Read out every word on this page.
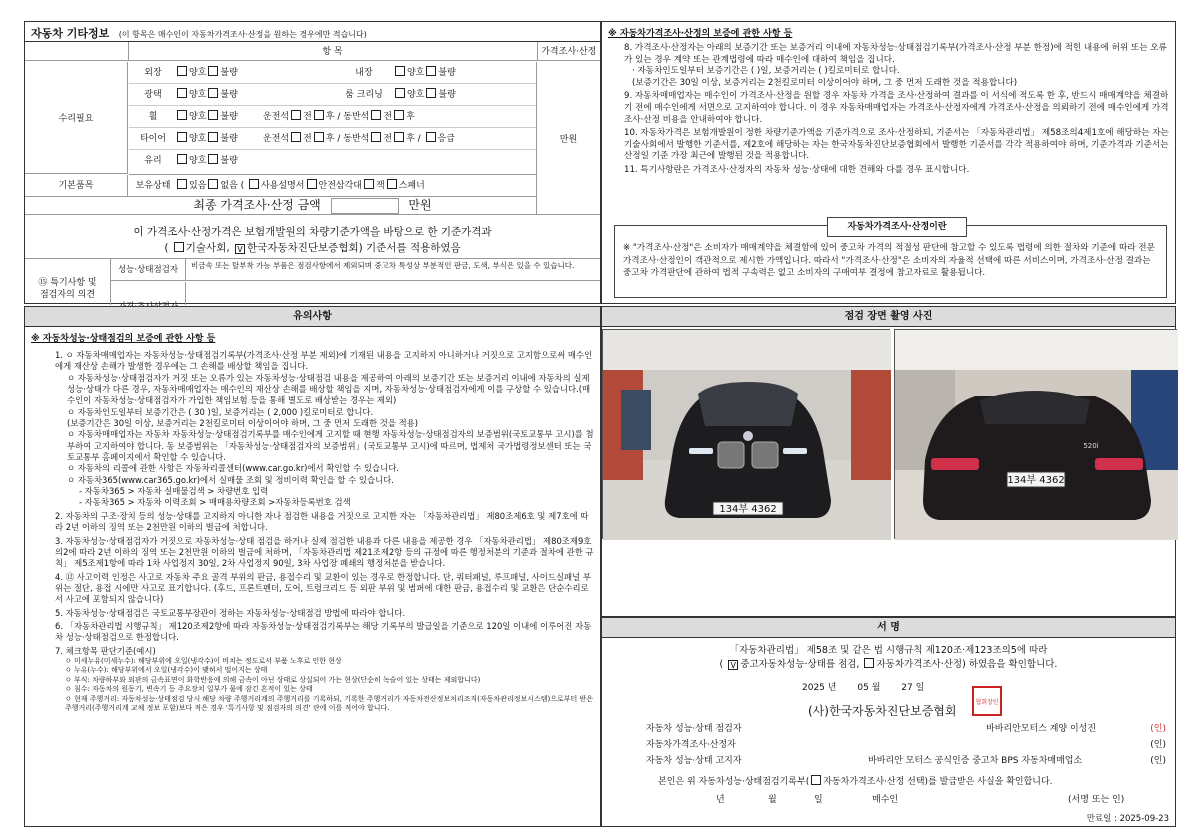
자동차 기타정보 (이 항목은 매수인이 자동차가격조사·산정을 원하는 경우에만 적습니다)
	항 목	가격조사·산정
수리필요
만원
외장	양호 불량	내장	양호 불량
광택	양호 불량	룸 크리닝	양호 불량
휠	양호 불량	운전석 전 후 / 동반석 전 후
타이어	양호 불량	운전석 전 후 / 동반석 전 후 / 응급
유리	양호 불량
기본품목	보유상태	있음 없음 ( 사용설명서 안전삼각대 잭 스패너
최종 가격조사·산정 금액	만원
이 가격조사·산정가격은 보험개발원의 차량기준가액을 바탕으로 한 기준가격과
( 기술사회, V 한국자동차진단보증협회) 기준서를 적용하였음
⑮ 특기사항 및
점검자의 의견
성능·상태점검자	비금속 또는 탈부착 가능 부품은 점검사항에서 제외되며 중고차 특성상 부분적인 판금, 도색, 부식은 있을 수 있습니다.
※ 자동차가격조사·산정의 보증에 관한 사항 등

8. 가격조사·산정자는 아래의 보증기간 또는 보증거리 이내에 자동차성능·상태점검기록부(가격조사·산정 부분 한정)에 적힌 내용에 허위 또는 오류가 있는 경우 계약 또는 관계법령에 따라 매수인에 대하여 책임을 집니다.

· 자동차인도일부터 보증기간은 ( )일, 보증거리는 ( )킬로미터로 합니다.

(보증기간은 30일 이상, 보증거리는 2천킬로미터 이상이어야 하며, 그 중 먼저 도래한 것을 적용합니다)

9. 자동차매매업자는 매수인이 가격조사·산정을 원할 경우 자동차 가격을 조사·산정하여 결과를 이 서식에 적도록 한 후, 반드시 매매계약을 체결하기 전에 매수인에게 서면으로 고지하여야 합니다. 이 경우 자동차매매업자는 가격조사·산정자에게 가격조사·산정을 의뢰하기 전에 매수인에게 가격조사·산정 비용을 안내하여야 합니다.

10. 자동차가격은 보험개발원이 정한 차량기준가액을 기준가격으로 조사·산정하되, 기준서는 「자동차관리법」 제58조의4제1호에 해당하는 자는 기술사회에서 발행한 기준서를, 제2호에 해당하는 자는 한국자동차진단보증협회에서 발행한 기준서를 각각 적용하여야 하며, 기준가격과 기준서는 산정일 기준 가장 최근에 발행된 것을 적용합니다.

11. 특기사항란은 가격조사·산정자의 자동차 성능·상태에 대한 견해와 다를 경우 표시합니다.

자동차가격조사·산정이란

※ "가격조사·산정"은 소비자가 매매계약을 체결함에 있어 중고차 가격의 적절성 판단에 참고할 수 있도록 법령에 의한 절차와 기준에 따라 전문 가격조사·산정인이 객관적으로 제시한 가액입니다. 따라서 "가격조사·산정"은 소비자의 자율적 선택에 따른 서비스이며, 가격조사·산정 결과는 중고차 가격판단에 관하여 법적 구속력은 없고 소비자의 구매여부 결정에 참고자료로 활용됩니다.

유의사항
※ 자동차성능·상태점검의 보증에 관한 사항 등

1. ㅇ 자동차매매업자는 자동차성능·상태점검기록부(가격조사·산정 부분 제외)에 기재된 내용을 고지하지 아니하거나 거짓으로 고지함으로써 매수인에게 재산상 손해가 발생한 경우에는 그 손해를 배상할 책임을 집니다.

ㅇ 자동차성능·상태점검자가 거짓 또는 오류가 있는 자동차성능·상태점검 내용을 제공하여 아래의 보증기간 또는 보증거리 이내에 자동차의 실제 성능·상태가 다른 경우, 자동차매매업자는 매수인의 재산상 손해를 배상할 책임을 지며, 자동차성능·상태점검자에게 이를 구상할 수 있습니다.(매수인이 자동차성능·상태점검자가 가입한 책임보험 등을 통해 별도로 배상받는 경우는 제외)

ㅇ 자동차인도일부터 보증기간은 ( 30 )일, 보증거리는 ( 2,000 )킬로미터로 합니다.

(보증기간은 30일 이상, 보증거리는 2천킬로미터 이상이어야 하며, 그 중 먼저 도래한 것을 적용)

ㅇ 자동차매매업자는 자동차 자동차성능·상태점검기록부를 매수인에게 고지할 때 현행 자동차성능·상태점검자의 보증범위(국토교통부 고시)를 첨부하여 고지하여야 합니다. 동 보증범위는 「자동차성능·상태점검자의 보증범위」(국토교통부 고시)에 따르며, 법제처 국가법령정보센터 또는 국토교통부 홈페이지에서 확인할 수 있습니다.

ㅇ 자동차의 리콜에 관한 사항은 자동차리콜센터(www.car.go.kr)에서 확인할 수 있습니다.

ㅇ 자동차365(www.car365.go.kr)에서 실매물 조회 및 정비이력 확인을 할 수 있습니다.

- 자동차365 > 자동차 실매물검색 > 차량번호 입력

- 자동차365 > 자동차 이력조회 > 매매용차량조회 >자동차등록번호 검색

2. 자동차의 구조·장치 등의 성능·상태를 고지하지 아니한 자나 점검한 내용을 거짓으로 고지한 자는 「자동차관리법」 제80조제6호 및 제7호에 따라 2년 이하의 징역 또는 2천만원 이하의 벌금에 처합니다.

3. 자동차성능·상태점검자가 거짓으로 자동차성능·상태 점검을 하거나 실제 점검한 내용과 다른 내용을 제공한 경우 「자동차관리법」 제80조제9호의2에 따라 2년 이하의 징역 또는 2천만원 이하의 벌금에 처하며, 「자동차관리법 제21조제2항 등의 규정에 따른 행정처분의 기준과 절차에 관한 규칙」 제5조제1항에 따라 1차 사업정지 30일, 2차 사업정지 90일, 3차 사업장 폐쇄의 행정처분을 받습니다.

4. ⑫ 사고이력 인정은 사고로 자동차 주요 골격 부위의 판금, 용접수리 및 교환이 있는 경우로 한정합니다. 단, 쿼터패널, 루프패널, 사이드실패널 부위는 절단, 용접 시에만 사고로 표기합니다. (후드, 프론트펜더, 도어, 트렁크리드 등 외판 부위 및 범퍼에 대한 판금, 용접수리 및 교환은 단순수리로서 사고에 포함되지 않습니다)

5. 자동차성능·상태점검은 국토교통부장관이 정하는 자동차성능·상태점검 방법에 따라야 합니다.

6. 「자동차관리법 시행규칙」 제120조제2항에 따라 자동차성능·상태점검기록부는 해당 기록부의 발급일을 기준으로 120일 이내에 이루어진 자동차 성능·상태점검으로 한정합니다.

7. 체크항목 판단기준(예시)

ㅇ 미세누유(미세누수): 해당부위에 오일(냉각수)이 비치는 정도로서 부품 노후로 인한 현상

ㅇ 누유(누수): 해당부위에서 오일(냉각수)이 맺혀서 떨어지는 상태

ㅇ 부식: 차량하부와 외판의 금속표면이 화학반응에 의해 금속이 아닌 상태로 상실되어 가는 현상(단순히 녹슬어 있는 상태는 제외합니다)

ㅇ 침수: 자동차의 원동기, 변속기 등 주요장치 일부가 물에 잠긴 흔적이 있는 상태

ㅇ 현재 주행거리: 자동차성능·상태점검 당시 해당 차량 주행거리계의 주행거리를 기록하되, 기록한 주행거리가 자동차전산정보처리조직(자동차관리정보시스템)으로부터 받은 주행거리(주행거리계 교체 정보 포함)보다 적은 경우 '특기사항 및 점검자의 의견' 란에 이를 적어야 합니다.

점검 장면 촬영 사진
134부 4362
134부 4362
520i
서 명
「자동차관리법」 제58조 및 같은 법 시행규칙 제120조·제123조의5에 따라
( V 중고자동차성능·상태를 점검, 자동차가격조사·산정) 하였음을 확인합니다.
2025 년 05 월 27 일
(사)한국자동차진단보증협회
협회장인
자동차 성능·상태 점검자	바바리안모터스 계양 이성진	(인)
자동차가격조사·산정자	(인)
자동차 성능·상태 고지자	바바리안 모터스 공식인증 중고차 BPS 자동차매매업소	(인)
본인은 위 자동차성능·상태점검기록부( 자동차가격조사·산정 선택)를 발급받은 사실을 확인합니다.
년	월	일	매수인	(서명 또는 인)
만료일 : 2025-09-23
